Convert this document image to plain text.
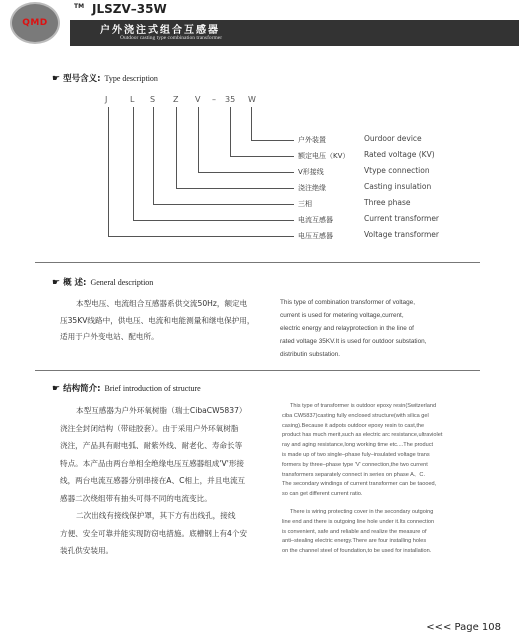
QMD
TM JLSZV–35W
户外浇注式组合互感器
Outdoor casting type combination transformer
☛ 型号含义: Type description
J	L S Z V – 35 W
户外装置	Ourdoor device
额定电压（KV） Rated voltage (KV)
V形接线	Vtype connection
浇注绝缘	Casting insulation
三相	Three phase
电流互感器	Current transformer
电压互感器	Voltage transformer
☛ 概 述: General description
本型电压、电流组合互感器系供交流50Hz，额定电
压35KV线路中，供电压、电流和电能测量和继电保护用，
适用于户外变电站、配电所。
This type of combination transformer of voltage,
current is used for metering voltage,current,
electric energy and relayprotection in the line of
rated voltage 35KV.It is used for outdoor substation,
distributin substation.
☛ 结构简介: Brief introduction of structure
本型互感器为户外环氧树脂（瑞士CibaCW5837）
浇注全封闭结构（带硅胶套）。由于采用户外环氧树脂
浇注，产品具有耐电弧、耐紫外线、耐老化、寿命长等
特点。本产品由两台单相全绝缘电压互感器组成'V'形接
线，两台电流互感器分别串接在A、C相上，并且电流互
感器二次绕组带有抽头可得不同的电流变比。
二次出线有接线保护罩，其下方有出线孔，接线
方便、安全可靠并能实现防窃电措施。底槽钢上有4个安
装孔供安装用。
This type of transformer is outdoor epoxy resin(Switzerland
ciba CW5837)casting fully enclosed structure(with silica gel
casing).Because it adpots outdoor epoxy resin to cast,the
product has much merit,such as electric arc resistance,ultraviolet
ray and aging resistance,long working time etc....The product
is made up of two single–phase fuly–insulated voltage trans
formers by three–phase type 'V' connection,the two current
transformers separately connect in series on phase A、C.
The secondary windings of current transformer can be taooed,
so can get different current ratio.
There is wiring protecting cover in the secondary outgoing
line end and there is outgoing line hole under it.Its connection
is convenient, safe and reliable and realize the measure of
anti–stealing electric energy.There are four installing holes
on the channel steel of foundation,to be used for installation.
<<< Page 108
